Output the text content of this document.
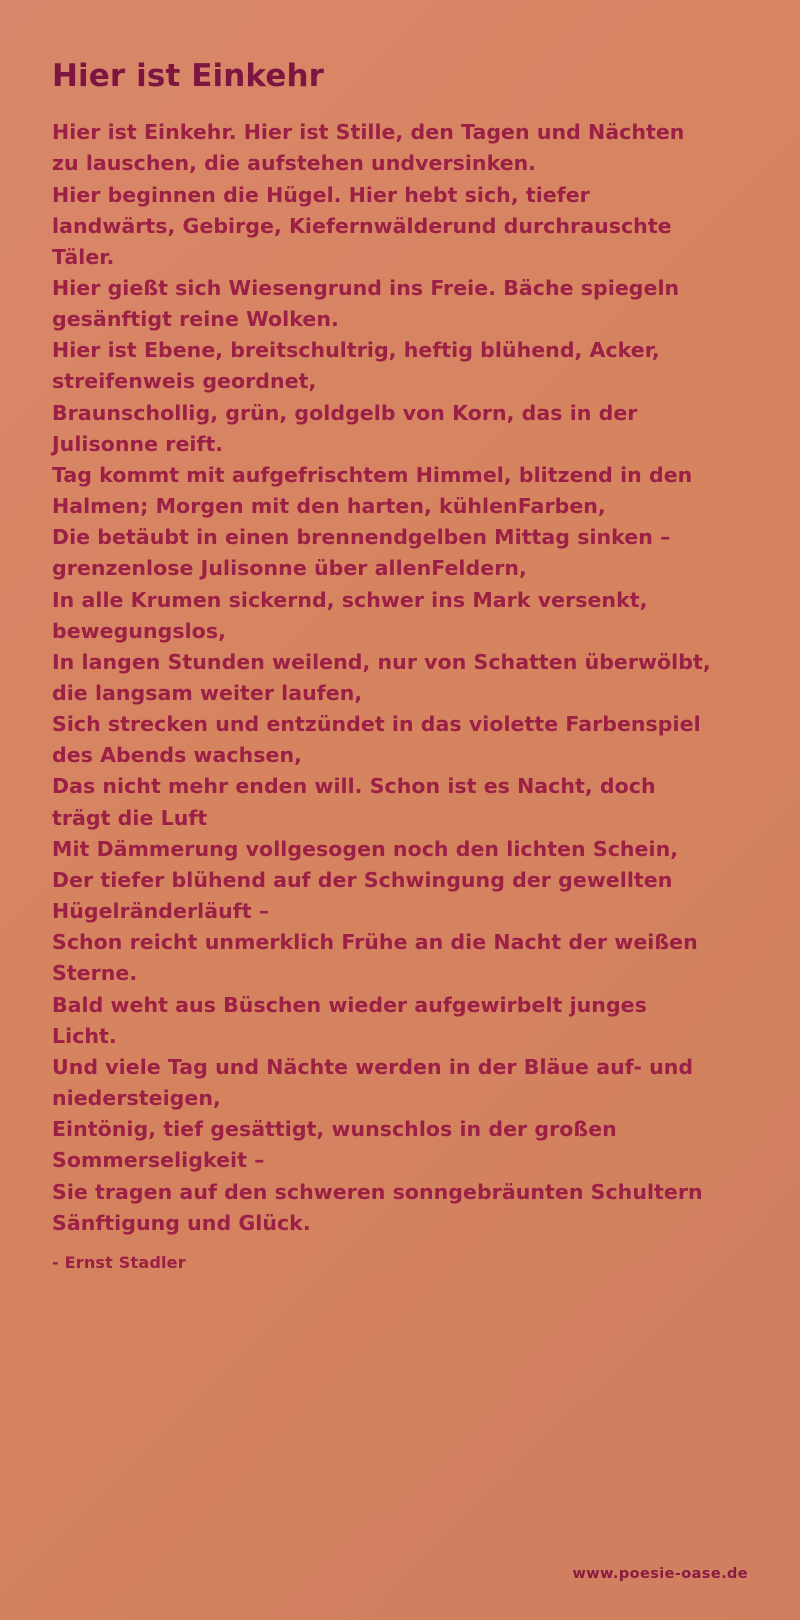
Hier ist Einkehr

Hier ist Einkehr. Hier ist Stille, den Tagen und Nächten

zu lauschen, die aufstehen undversinken.

Hier beginnen die Hügel. Hier hebt sich, tiefer

landwärts, Gebirge, Kiefernwälderund durchrauschte

Täler.

Hier gießt sich Wiesengrund ins Freie. Bäche spiegeln

gesänftigt reine Wolken.

Hier ist Ebene, breitschultrig, heftig blühend, Acker,

streifenweis geordnet,

Braunschollig, grün, goldgelb von Korn, das in der

Julisonne reift.

Tag kommt mit aufgefrischtem Himmel, blitzend in den

Halmen; Morgen mit den harten, kühlenFarben,

Die betäubt in einen brennendgelben Mittag sinken –

grenzenlose Julisonne über allenFeldern,

In alle Krumen sickernd, schwer ins Mark versenkt,

bewegungslos,

In langen Stunden weilend, nur von Schatten überwölbt,

die langsam weiter laufen,

Sich strecken und entzündet in das violette Farbenspiel

des Abends wachsen,

Das nicht mehr enden will. Schon ist es Nacht, doch

trägt die Luft

Mit Dämmerung vollgesogen noch den lichten Schein,

Der tiefer blühend auf der Schwingung der gewellten

Hügelränderläuft –

Schon reicht unmerklich Frühe an die Nacht der weißen

Sterne.

Bald weht aus Büschen wieder aufgewirbelt junges

Licht.

Und viele Tag und Nächte werden in der Bläue auf- und

niedersteigen,

Eintönig, tief gesättigt, wunschlos in der großen

Sommerseligkeit –

Sie tragen auf den schweren sonngebräunten Schultern

Sänftigung und Glück.

- Ernst Stadler
www.poesie-oase.de
